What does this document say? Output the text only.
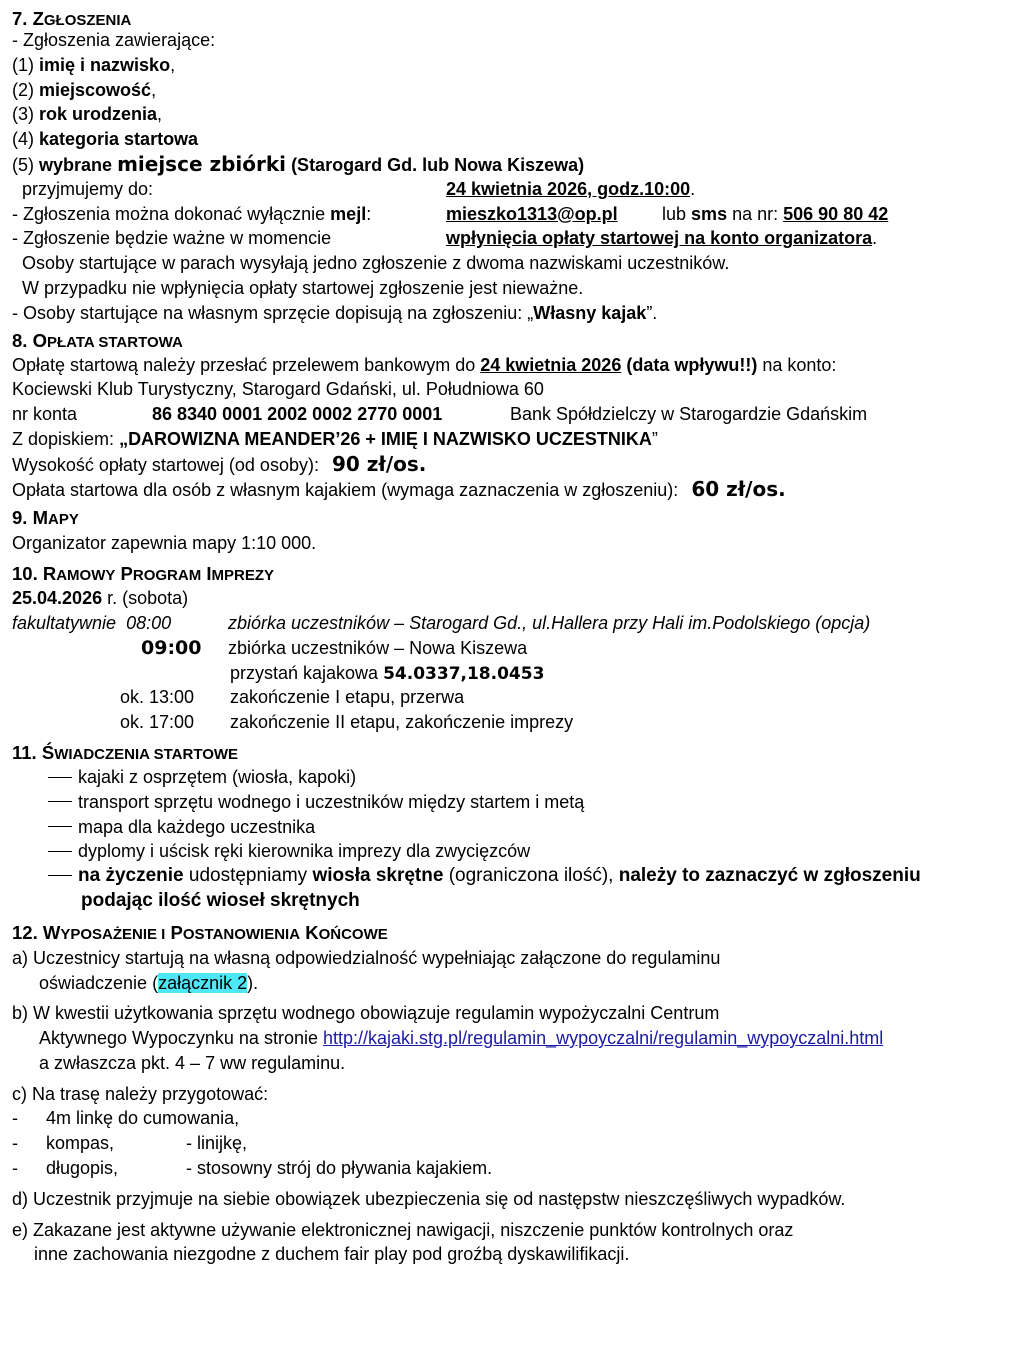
7. ZGŁOSZENIA
- Zgłoszenia zawierające:
(1) imię i nazwisko,
(2) miejscowość,
(3) rok urodzenia,
(4) kategoria startowa
(5) wybrane miejsce zbiórki (Starogard Gd. lub Nowa Kiszewa)
przyjmujemy do:	24 kwietnia 2026, godz.10:00.
- Zgłoszenia można dokonać wyłącznie mejl:	mieszko1313@op.pl lub sms na nr: 506 90 80 42
- Zgłoszenie będzie ważne w momencie	wpłynięcia opłaty startowej na konto organizatora.
Osoby startujące w parach wysyłają jedno zgłoszenie z dwoma nazwiskami uczestników.
W przypadku nie wpłynięcia opłaty startowej zgłoszenie jest nieważne.
- Osoby startujące na własnym sprzęcie dopisują na zgłoszeniu: „Własny kajak”.
8. OPŁATA STARTOWA
Opłatę startową należy przesłać przelewem bankowym do 24 kwietnia 2026 (data wpływu!!) na konto:
Kociewski Klub Turystyczny, Starogard Gdański, ul. Południowa 60
nr konta	86 8340 0001 2002 0002 2770 0001	Bank Spółdzielczy w Starogardzie Gdańskim
Z dopiskiem: „DAROWIZNA MEANDER’26 + IMIĘ I NAZWISKO UCZESTNIKA”
Wysokość opłaty startowej (od osoby): 90 zł/os.
Opłata startowa dla osób z własnym kajakiem (wymaga zaznaczenia w zgłoszeniu): 60 zł/os.
9. MAPY
Organizator zapewnia mapy 1:10 000.
10. RAMOWY PROGRAM IMPREZY
25.04.2026 r. (sobota)
fakultatywnie 08:00	zbiórka uczestników – Starogard Gd., ul.Hallera przy Hali im.Podolskiego (opcja)
09:00 zbiórka uczestników – Nowa Kiszewa
przystań kajakowa 54.0337,18.0453
ok. 13:00 zakończenie I etapu, przerwa
ok. 17:00 zakończenie II etapu, zakończenie imprezy
11. ŚWIADCZENIA STARTOWE
kajaki z osprzętem (wiosła, kapoki)
transport sprzętu wodnego i uczestników między startem i metą
mapa dla każdego uczestnika
dyplomy i uścisk ręki kierownika imprezy dla zwycięzców
na życzenie udostępniamy wiosła skrętne (ograniczona ilość), należy to zaznaczyć w zgłoszeniu
podając ilość wioseł skrętnych
12. WYPOSAŻENIE I POSTANOWIENIA KOŃCOWE
a) Uczestnicy startują na własną odpowiedzialność wypełniając załączone do regulaminu
oświadczenie (załącznik 2).
b) W kwestii użytkowania sprzętu wodnego obowiązuje regulamin wypożyczalni Centrum
Aktywnego Wypoczynku na stronie http://kajaki.stg.pl/regulamin_wypoyczalni/regulamin_wypoyczalni.html
a zwłaszcza pkt. 4 – 7 ww regulaminu.
c) Na trasę należy przygotować:
- 4m linkę do cumowania,
- kompas,	- linijkę,
- długopis,	- stosowny strój do pływania kajakiem.
d) Uczestnik przyjmuje na siebie obowiązek ubezpieczenia się od następstw nieszczęśliwych wypadków.
e) Zakazane jest aktywne używanie elektronicznej nawigacji, niszczenie punktów kontrolnych oraz
inne zachowania niezgodne z duchem fair play pod groźbą dyskawilifikacji.
